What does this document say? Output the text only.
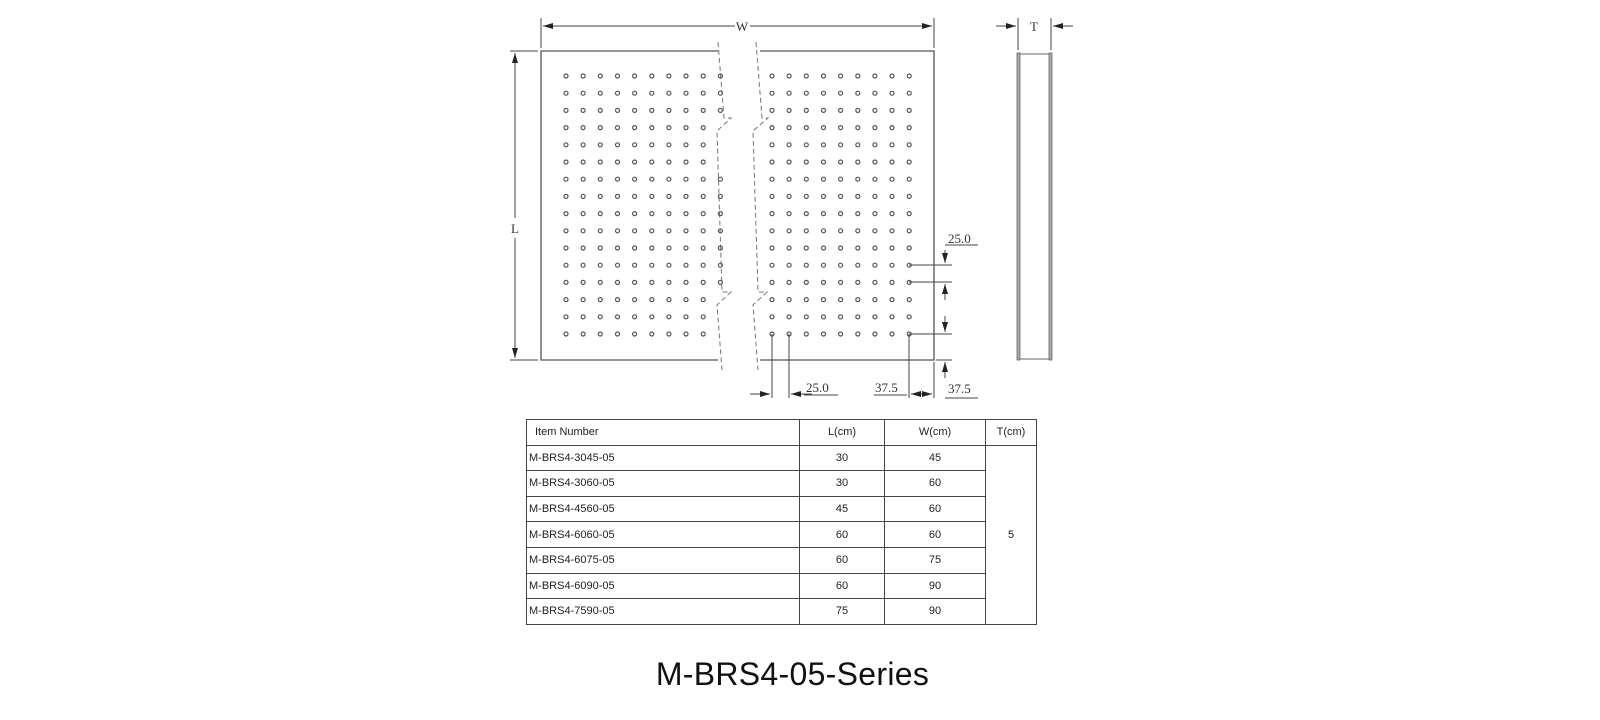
W
L
T
25.0
37.5
25.0	37.5
Item Number	L(cm)	W(cm)	T(cm)
M-BRS4-3045-05	30	45	5
M-BRS4-3060-05	30	60	
M-BRS4-4560-05	45	60	
M-BRS4-6060-05	60	60	
M-BRS4-6075-05	60	75	
M-BRS4-6090-05	60	90	
M-BRS4-7590-05	75	90	
M-BRS4-05-Series
